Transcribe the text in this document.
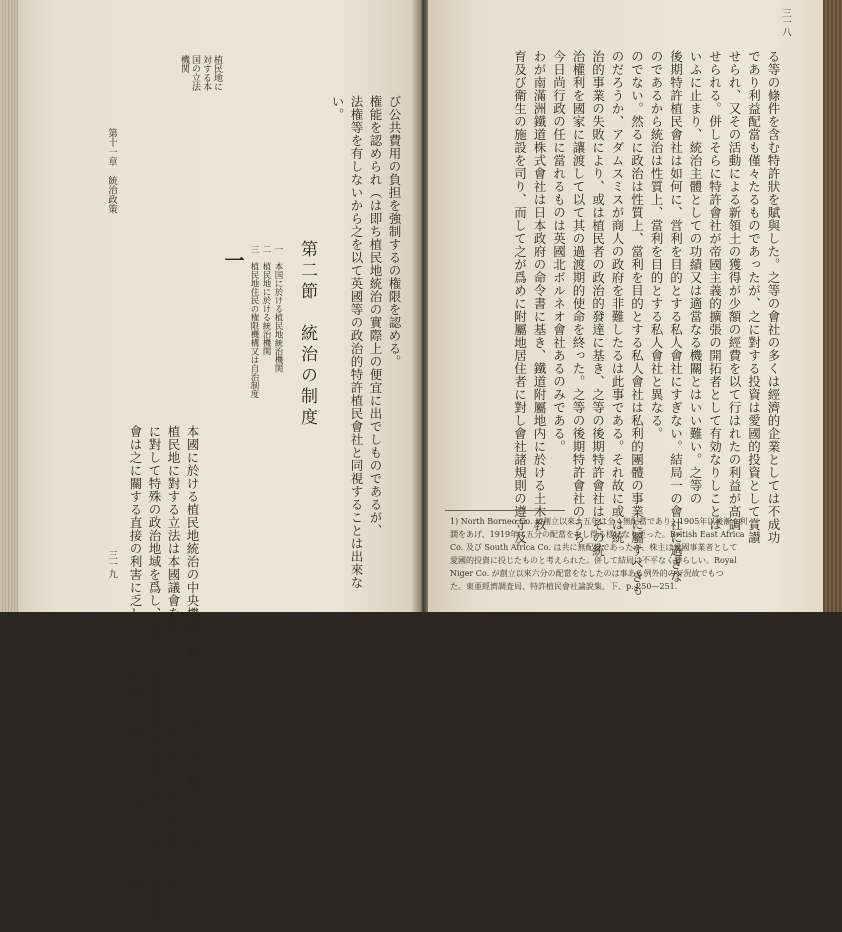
植民地に
対する本
国の立法
機関
び公共費用の負担を強制するの権限を認める。
権能を認められ（は即ち植民地統治の實際上の便宜に出でしものであるが、
法権等を有しないから之を以て英國等の政治的特許植民會社と同視することは出來な
い。
第二節　統治の制度
一	一　本国に於ける植民地統治機関
二　植民地に於ける統治機関
三　植民地住民の権限機構又は自治制度
本國に於ける植民地統治の中央機関に關し、立法及び行政の順序に之を述べやう。
植民地に對する立法は本國議會を經ずして行はれる例が多い。蓋し植民地は本國
に對して特殊の政治地域を爲し、當然には本國議會の代表せられない。從って本國議
會は之に關する直接の利害に乏しく、且つ與味と知識とに於ても薄きが故に、便宜上行
第十一章　統治政策
三一九
三一八
る等の條件を含む特許狀を賦與した。之等の會社の多くは經濟的企業としては不成功
であり利益配當も僅々たるものであったが、之に對する投資は愛國的投資として賞讃
せられ、又その活動による新領土の獲得が少額の經費を以て行はれたの利益が高調
せられる。併しそらに特許會社が帝國主義的擴張の開拓者として有効なりしことは
いふに止まり、統治主體としての功績又は適當なる機關とはいい難い。之等の
後期特許植民會社は如何に、営利を目的とする私人會社にすぎない。結局一の會社に過ぎな
のであるから統治は性質上、當利を目的とする私人會社と異なる。
のでない。然るに政治は性質上、當利を目的とする私人會社は私利的團體の事業に屬すべきも
のだろうか、アダムスミスが商人の政府を非難したるは此事である。それ故に或は統
治的事業の失敗により、或は植民者の政治的發達に基き、之等の後期特許會社はその統
治權利を國家に讓渡して以て其の過渡期的使命を終った。之等の後期特許會社のうち
今日尚行政の任に當れるものは英國北ボルネオ會社あるのみである。
わが南滿洲鐵道株式會社は日本政府の命令書に基き、鐵道附屬地内に於ける土木教
育及び衛生の施設を司り、而して之が爲めに附屬地居住者に對し會社諸規則の遵守及
1) North Borneo Co. に創立以來十五年は全く無配當であり、1905年以後漸く利
潤をあげ、1919年に五分の配當をなし得る様になり至った。British East Africa
Co. 及び South Africa Co. は共に無配當であったが、株主は愛國事業者として
愛國的投資に投じたものと考えられた。併して結局は不平なく暮らしい。Royal
Niger Co. が創立以來六分の配當をなしたのは事ある例外的の好況故でもつ
た。東亜經濟調査局、特許植民會社論說集、下、p. 250—251.
